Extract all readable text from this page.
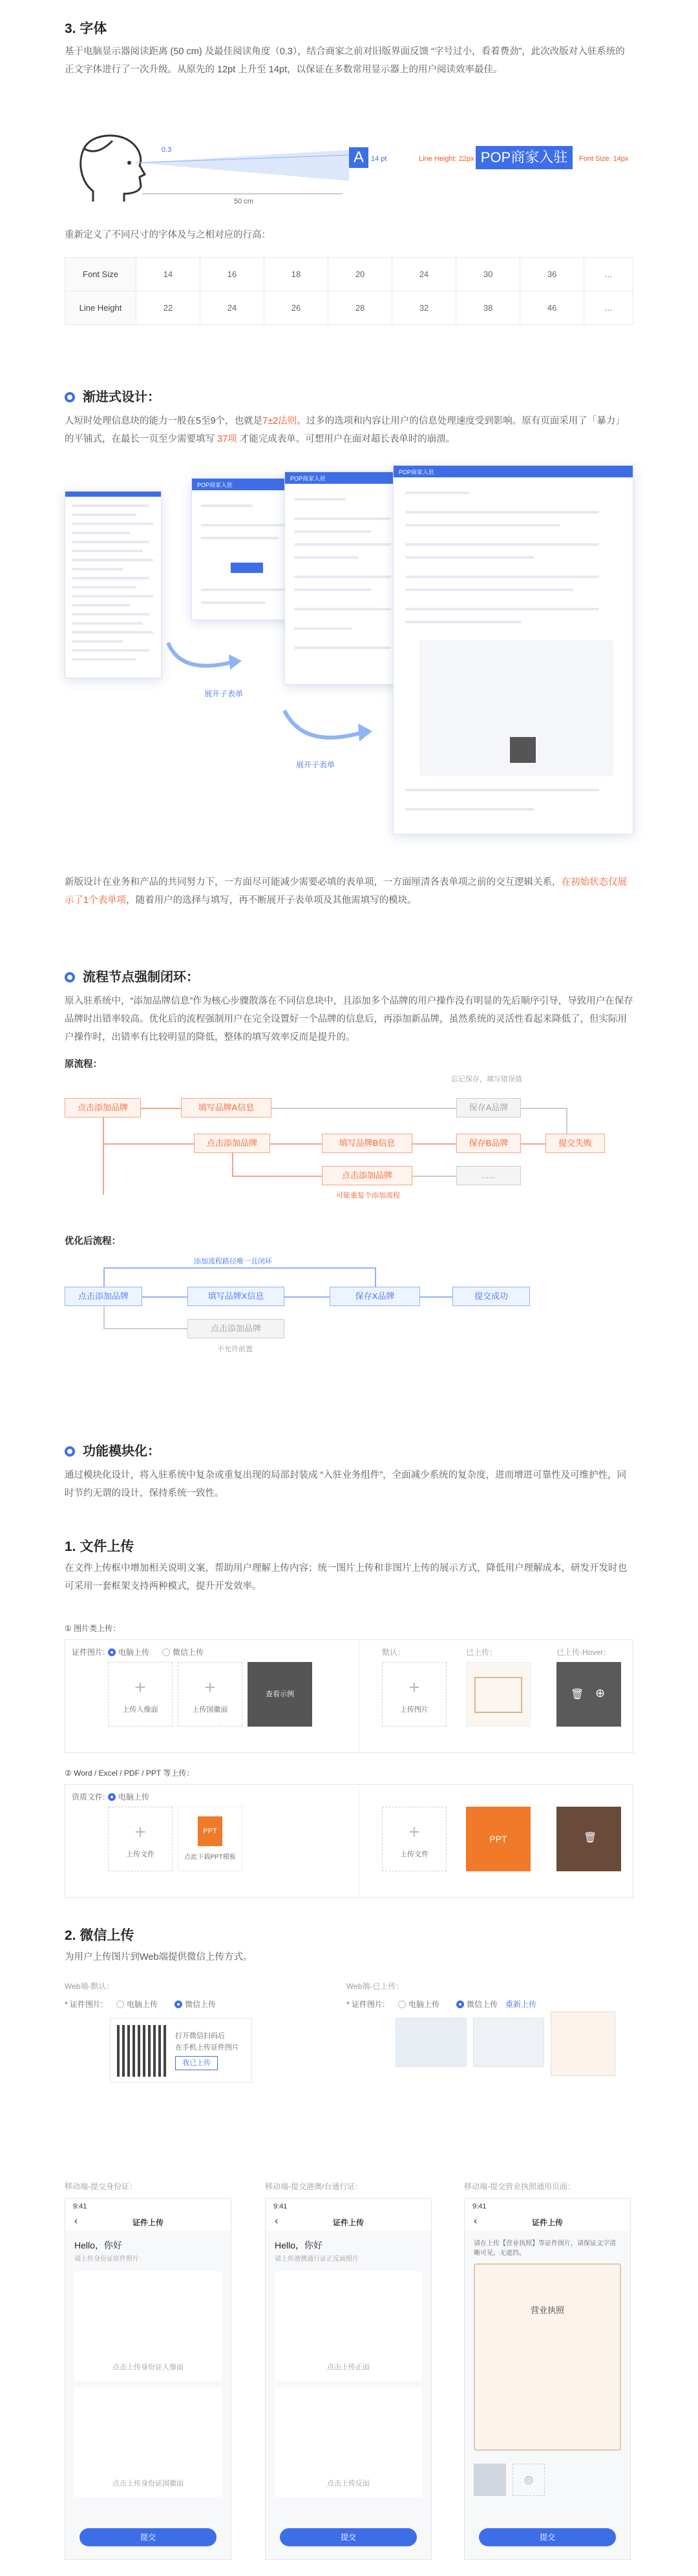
3. 字体
基于电脑显示器阅读距离 (50 cm) 及最佳阅读角度（0.3），结合商家之前对旧版界面反馈 “字号过小，看着费劲”，此次改版对入驻系统的正文字体进行了一次升级。从原先的 12pt 上升至 14pt，以保证在多数常用显示器上的用户阅读效率最佳。
0.3
50 cm
A	14 pt	Line Height: 22px POP商家入驻	Font Size: 14px
重新定义了不同尺寸的字体及与之相对应的行高：
Font Size	14	16	18	20	24	30	36	...
Line Height	22	24	26	28	32	38	46	...
渐进式设计：
人短时处理信息块的能力一般在5至9个，也就是7±2法则。过多的选项和内容让用户的信息处理速度受到影响。原有页面采用了「暴力」的平铺式，在最长一页至少需要填写 37项 才能完成表单。可想用户在面对超长表单时的崩溃。
POP商家入驻
POP商家入驻
POP商家入驻
展开子表单
展开子表单
新版设计在业务和产品的共同努力下，一方面尽可能减少需要必填的表单项，一方面厘清各表单项之前的交互逻辑关系，在初始状态仅展示了1个表单项，随着用户的选择与填写，再不断展开子表单项及其他需填写的模块。
流程节点强制闭环：
原入驻系统中，“添加品牌信息”作为核心步骤散落在不同信息块中，且添加多个品牌的用户操作没有明显的先后顺序引导，导致用户在保存品牌时出错率较高。优化后的流程强制用户在完全设置好一个品牌的信息后，再添加新品牌，虽然系统的灵活性看起来降低了，但实际用户操作时，出错率有比较明显的降低，整体的填写效率反而是提升的。
原流程：
忘记保存，填写错误值
点击添加品牌	填写品牌A信息	保存A品牌
点击添加品牌	填写品牌B信息	保存B品牌	提交失败
点击添加品牌	......
可能重复个添加流程
优化后流程：
添加流程路径唯一且闭环
点击添加品牌	填写品牌X信息	保存X品牌	提交成功
点击添加品牌
不允许前置
功能模块化：
通过模块化设计，将入驻系统中复杂或重复出现的局部封装成 “入驻业务组件”，全面减少系统的复杂度，进而增进可靠性及可维护性，同时节约无谓的设计，保持系统一致性。
1. 文件上传
在文件上传框中增加相关说明文案，帮助用户理解上传内容；统一图片上传和非图片上传的展示方式，降低用户理解成本，研发开发时也可采用一套框架支持两种模式，提升开发效率。
① 图片类上传：
证件图片:	电脑上传	微信上传
+
上传人像面
+
上传国徽面
查看示例
默认：	已上传：	已上传-Hover：
+
上传图片
🗑 ⊕
② Word / Excel / PDF / PPT 等上传：
资质文件:	电脑上传
+
上传文件
PPT
点此下载PPT模板
+
上传文件
PPT	🗑
2. 微信上传
为用户上传图片到Web端提供微信上传方式。
Web端-默认：	Web端-已上传：
* 证件图片:	电脑上传	微信上传
打开微信扫码后
在手机上传证件图片
我已上传
* 证件图片:	电脑上传	微信上传 重新上传
移动端-提交身份证：	移动端-提交港澳/台通行证：	移动端-提交营业执照通用页面：
9:41
‹	证件上传
Hello，你好
请上传身份证原件照片
点击上传身份证人像面
点击上传身份证国徽面
提交
9:41
‹	证件上传
Hello，你好
请上传港澳通行证正反面照片
点击上传正面
点击上传反面
提交
9:41
‹	证件上传
请在上传【营业执照】等证件图片，请保证文字清晰可见，无遮挡。
营业执照
◎
提交
